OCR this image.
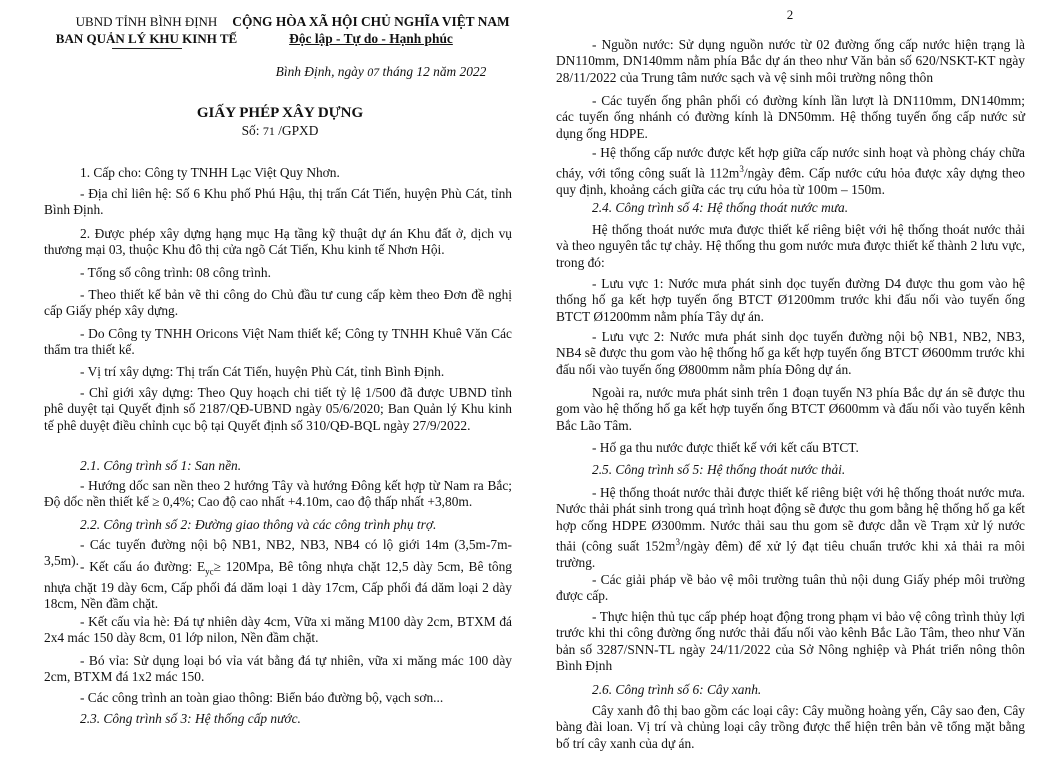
2
UBND TỈNH BÌNH ĐỊNH
BAN QUẢN LÝ KHU KINH TẾ
CỘNG HÒA XÃ HỘI CHỦ NGHĨA VIỆT NAM
Độc lập - Tự do - Hạnh phúc
Bình Định, ngày 07 tháng 12 năm 2022
GIẤY PHÉP XÂY DỰNG
Số: 71 /GPXD

1. Cấp cho: Công ty TNHH Lạc Việt Quy Nhơn.

- Địa chỉ liên hệ: Số 6 Khu phố Phú Hậu, thị trấn Cát Tiến, huyện Phù Cát, tỉnh Bình Định.

2. Được phép xây dựng hạng mục Hạ tầng kỹ thuật dự án Khu đất ở, dịch vụ thương mại 03, thuộc Khu đô thị cửa ngõ Cát Tiến, Khu kinh tế Nhơn Hội.

- Tổng số công trình: 08 công trình.

- Theo thiết kế bản vẽ thi công do Chủ đầu tư cung cấp kèm theo Đơn đề nghị cấp Giấy phép xây dựng.

- Do Công ty TNHH Oricons Việt Nam thiết kế; Công ty TNHH Khuê Văn Các thẩm tra thiết kế.

- Vị trí xây dựng: Thị trấn Cát Tiến, huyện Phù Cát, tỉnh Bình Định.

- Chỉ giới xây dựng: Theo Quy hoạch chi tiết tỷ lệ 1/500 đã được UBND tỉnh phê duyệt tại Quyết định số 2187/QĐ-UBND ngày 05/6/2020; Ban Quản lý Khu kinh tế phê duyệt điều chỉnh cục bộ tại Quyết định số 310/QĐ-BQL ngày 27/9/2022.

2.1. Công trình số 1: San nền.

- Hướng dốc san nền theo 2 hướng Tây và hướng Đông kết hợp từ Nam ra Bắc; Độ dốc nền thiết kế ≥ 0,4%; Cao độ cao nhất +4.10m, cao độ thấp nhất +3,80m.

2.2. Công trình số 2: Đường giao thông và các công trình phụ trợ.

- Các tuyến đường nội bộ NB1, NB2, NB3, NB4 có lộ giới 14m (3,5m-7m-3,5m). - Kết cấu áo đường: $E_{yc}\ge 120Mpa$, Bê tông nhựa chặt 12,5 dày 5cm, Bê tông nhựa chặt 19 dày 6cm, Cấp phối đá dăm loại 1 dày 17cm, Cấp phối đá dăm loại 2 dày 18cm, Nền đầm chặt.

- Kết cấu vỉa hè: Đá tự nhiên dày 4cm, Vữa xi măng M100 dày 2cm, BTXM đá 2x4 mác 150 dày 8cm, 01 lớp nilon, Nền đầm chặt.

- Bó vỉa: Sử dụng loại bó vỉa vát bằng đá tự nhiên, vữa xi măng mác 100 dày 2cm, BTXM đá 1x2 mác 150.

- Các công trình an toàn giao thông: Biển báo đường bộ, vạch sơn...

2.3. Công trình số 3: Hệ thống cấp nước.

- Nguồn nước: Sử dụng nguồn nước từ 02 đường ống cấp nước hiện trạng là DN110mm, DN140mm nằm phía Bắc dự án theo như Văn bản số 620/NSKT-KT ngày 28/11/2022 của Trung tâm nước sạch và vệ sinh môi trường nông thôn

- Các tuyến ống phân phối có đường kính lần lượt là DN110mm, DN140mm; các tuyến ống nhánh có đường kính là DN50mm. Hệ thống tuyến ống cấp nước sử dụng ống HDPE.

- Hệ thống cấp nước được kết hợp giữa cấp nước sinh hoạt và phòng cháy chữa cháy, với tổng công suất là $112m^3$/ngày đêm. Cấp nước cứu hỏa được xây dựng theo quy định, khoảng cách giữa các trụ cứu hỏa từ 100m – 150m.

2.4. Công trình số 4: Hệ thống thoát nước mưa.

Hệ thống thoát nước mưa được thiết kế riêng biệt với hệ thống thoát nước thải và theo nguyên tắc tự chảy. Hệ thống thu gom nước mưa được thiết kế thành 2 lưu vực, trong đó:

- Lưu vực 1: Nước mưa phát sinh dọc tuyến đường D4 được thu gom vào hệ thống hố ga kết hợp tuyến ống BTCT Ø1200mm trước khi đấu nối vào tuyến ống BTCT Ø1200mm nằm phía Tây dự án.

- Lưu vực 2: Nước mưa phát sinh dọc tuyến đường nội bộ NB1, NB2, NB3, NB4 sẽ được thu gom vào hệ thống hố ga kết hợp tuyến ống BTCT Ø600mm trước khi đấu nối vào tuyến ống Ø800mm nằm phía Đông dự án.

Ngoài ra, nước mưa phát sinh trên 1 đoạn tuyến N3 phía Bắc dự án sẽ được thu gom vào hệ thống hố ga kết hợp tuyến ống BTCT Ø600mm và đấu nối vào tuyến kênh Bắc Lão Tâm.

- Hố ga thu nước được thiết kế với kết cấu BTCT.

2.5. Công trình số 5: Hệ thống thoát nước thải.

- Hệ thống thoát nước thải được thiết kế riêng biệt với hệ thống thoát nước mưa. Nước thải phát sinh trong quá trình hoạt động sẽ được thu gom bằng hệ thống hố ga kết hợp cống HDPE Ø300mm. Nước thải sau thu gom sẽ được dẫn về Trạm xử lý nước thải (công suất $152m^3$/ngày đêm) để xử lý đạt tiêu chuẩn trước khi xả thải ra môi trường.

- Các giải pháp về bảo vệ môi trường tuân thủ nội dung Giấy phép môi trường được cấp.

- Thực hiện thủ tục cấp phép hoạt động trong phạm vi bảo vệ công trình thủy lợi trước khi thi công đường ống nước thải đấu nối vào kênh Bắc Lão Tâm, theo như Văn bản số 3287/SNN-TL ngày 24/11/2022 của Sở Nông nghiệp và Phát triển nông thôn Bình Định

2.6. Công trình số 6: Cây xanh.

Cây xanh đô thị bao gồm các loại cây: Cây muồng hoàng yến, Cây sao đen, Cây bàng đài loan. Vị trí và chủng loại cây trồng được thể hiện trên bản vẽ tổng mặt bằng bố trí cây xanh của dự án.
